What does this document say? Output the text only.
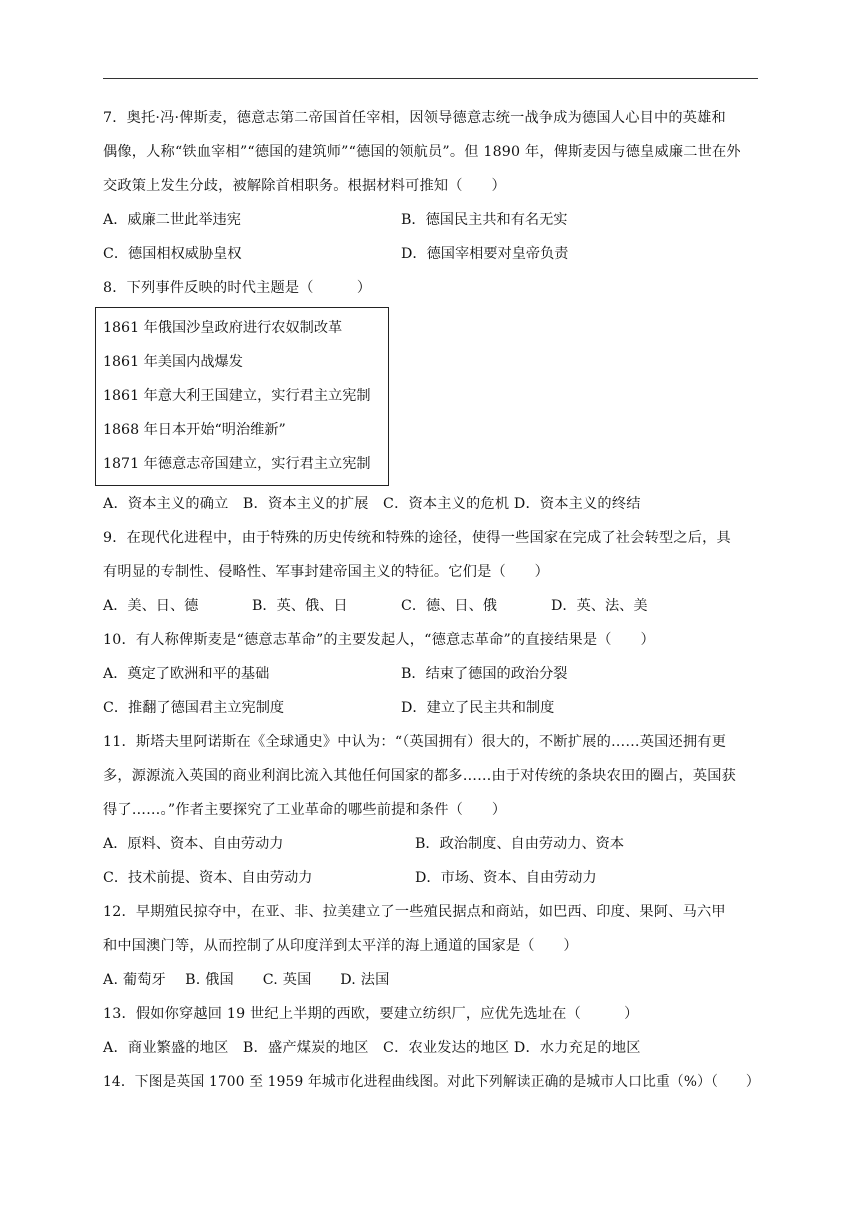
7．奥托·冯·俾斯麦，德意志第二帝国首任宰相，因领导德意志统一战争成为德国人心目中的英雄和
偶像，人称“铁血宰相”“德国的建筑师”“德国的领航员”。但 1890 年，俾斯麦因与德皇威廉二世在外
交政策上发生分歧，被解除首相职务。根据材料可推知（　　）
A．威廉二世此举违宪	B．德国民主共和有名无实
C．德国相权威胁皇权	D．德国宰相要对皇帝负责
8．下列事件反映的时代主题是（　　　）
1861 年俄国沙皇政府进行农奴制改革
1861 年美国内战爆发
1861 年意大利王国建立，实行君主立宪制
1868 年日本开始“明治维新”
1871 年德意志帝国建立，实行君主立宪制
A．资本主义的确立　B．资本主义的扩展　C．资本主义的危机 D．资本主义的终结
9．在现代化进程中，由于特殊的历史传统和特殊的途径，使得一些国家在完成了社会转型之后，具
有明显的专制性、侵略性、军事封建帝国主义的特征。它们是（　　）
A．美、日、德	B．英、俄、日	C．德、日、俄	D．英、法、美
10．有人称俾斯麦是“德意志革命”的主要发起人，“德意志革命”的直接结果是（　　）
A．奠定了欧洲和平的基础	B．结束了德国的政治分裂
C．推翻了德国君主立宪制度	D．建立了民主共和制度
11．斯塔夫里阿诺斯在《全球通史》中认为：“（英国拥有）很大的，不断扩展的……英国还拥有更
多，源源流入英国的商业利润比流入其他任何国家的都多……由于对传统的条块农田的圈占，英国获
得了……。”作者主要探究了工业革命的哪些前提和条件（　　）
A．原料、资本、自由劳动力	B．政治制度、自由劳动力、资本
C．技术前提、资本、自由劳动力	D．市场、资本、自由劳动力
12．早期殖民掠夺中，在亚、非、拉美建立了一些殖民据点和商站，如巴西、印度、果阿、马六甲
和中国澳门等，从而控制了从印度洋到太平洋的海上通道的国家是（　　）
A. 葡萄牙　 B. 俄国　　C. 英国　　D. 法国
13．假如你穿越回 19 世纪上半期的西欧，要建立纺织厂，应优先选址在（　　　）
A．商业繁盛的地区　B．盛产煤炭的地区　C．农业发达的地区 D．水力充足的地区
14．下图是英国 1700 至 1959 年城市化进程曲线图。对此下列解读正确的是城市人口比重（%）（　　）
